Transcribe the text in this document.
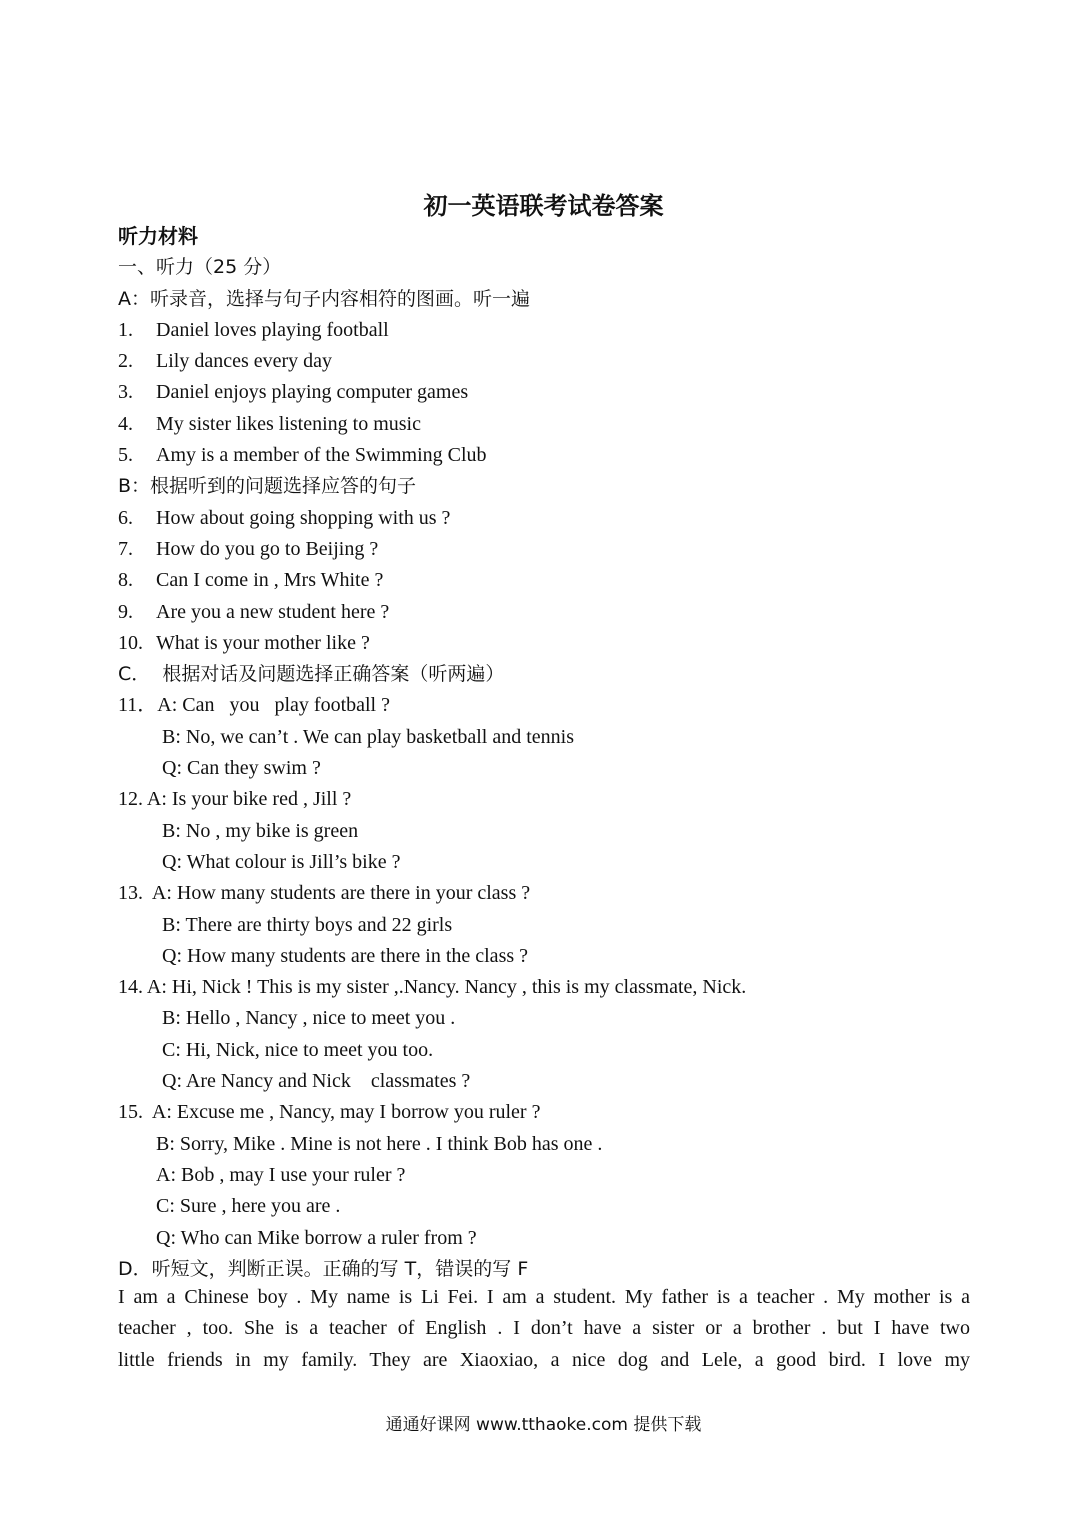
初一英语联考试卷答案
听力材料
一、听力（25 分）
A：听录音，选择与句子内容相符的图画。听一遍
1. Daniel loves playing football
2. Lily dances every day
3. Daniel enjoys playing computer games
4. My sister likes listening to music
5. Amy is a member of the Swimming Club
B：根据听到的问题选择应答的句子
6. How about going shopping with us ?
7. How do you go to Beijing ?
8. Can I come in , Mrs White ?
9. Are you a new student here ?
10. What is your mother like ?
C．  根据对话及问题选择正确答案（听两遍）
11．A: Can   you   play football ?
B: No, we can’t . We can play basketball and tennis
Q: Can they swim ?
12. A: Is your bike red , Jill ?
B: No , my bike is green
Q: What colour is Jill’s bike ?
13.  A: How many students are there in your class ?
B: There are thirty boys and 22 girls
Q: How many students are there in the class ?
14. A: Hi, Nick ! This is my sister ,.Nancy. Nancy , this is my classmate, Nick.
B: Hello , Nancy , nice to meet you .
C: Hi, Nick, nice to meet you too.
Q: Are Nancy and Nick    classmates ?
15.  A: Excuse me , Nancy, may I borrow you ruler ?
B: Sorry, Mike . Mine is not here . I think Bob has one .
A: Bob , may I use your ruler ?
C: Sure , here you are .
Q: Who can Mike borrow a ruler from ?
D．听短文，判断正误。正确的写 T，错误的写 F
I am a Chinese boy . My name is Li Fei. I am a student. My father is a teacher . My mother is a
teacher , too. She is a teacher of English . I don’t have a sister or a brother . but I have two
little friends in my family. They are Xiaoxiao, a nice dog and Lele, a good bird. I love my
通通好课网 www.tthaoke.com 提供下载
